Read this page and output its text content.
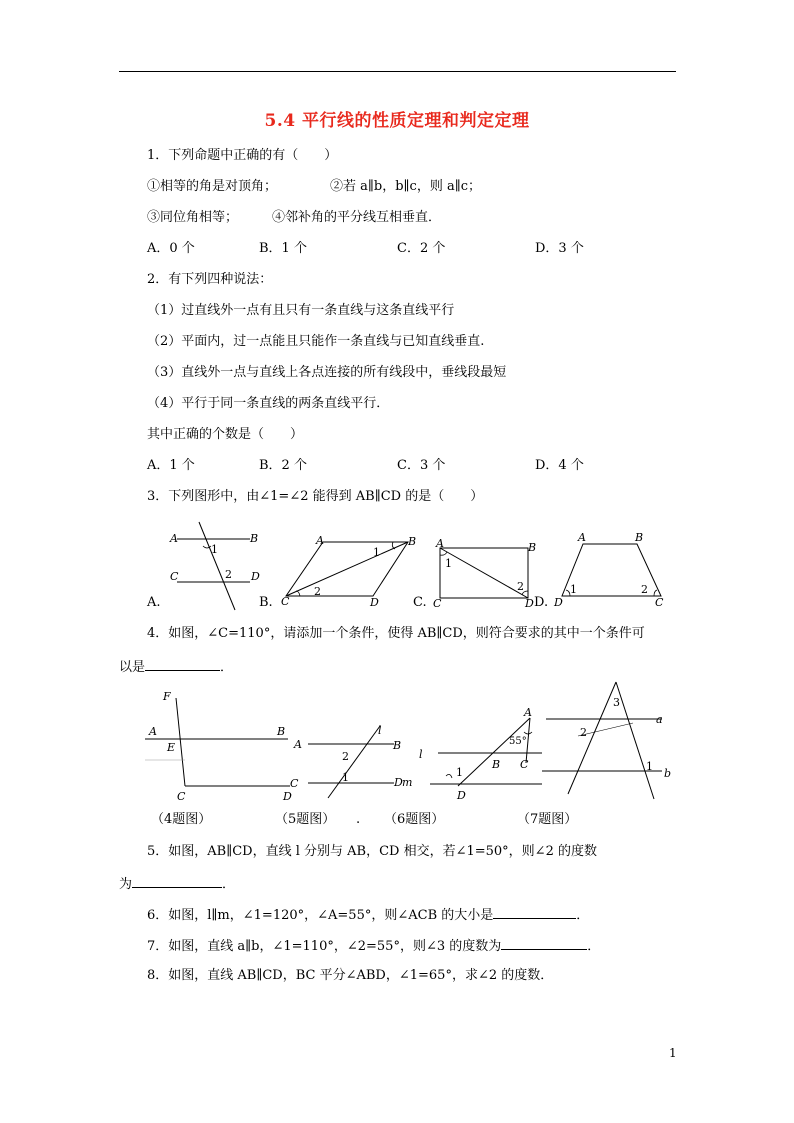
5.4 平行线的性质定理和判定定理
1．下列命题中正确的有（　　）
①相等的角是对顶角；	②若 a∥b，b∥c，则 a∥c；
③同位角相等；	④邻补角的平分线互相垂直．
A．0 个	B．1 个	C．2 个	D．3 个
2．有下列四种说法：
（1）过直线外一点有且只有一条直线与这条直线平行
（2）平面内，过一点能且只能作一条直线与已知直线垂直.
（3）直线外一点与直线上各点连接的所有线段中，垂线段最短
（4）平行于同一条直线的两条直线平行．
其中正确的个数是（　　）
A．1 个	B．2 个	C．3 个	D．4 个
3．下列图形中，由∠1=∠2 能得到 AB∥CD 的是（　　）
A.	B.	C.	D.
A	B
C	D
1
2
A	B
C	D
1
2
A	B
C	D
1
2
A	B
C
D
1	2
4．如图，∠C=110°，请添加一个条件，使得 AB∥CD，则符合要求的其中一个条件可
以是	．
F
A
E
B
C	D
l
A	B
C	D m
2
1
A
l
B C
D
1
55°
3
2
1
a
b
（4题图）	（5题图） . （6题图）	（7题图）
5．如图，AB∥CD，直线 l 分别与 AB，CD 相交，若∠1=50°，则∠2 的度数
为	．
6．如图，l∥m，∠1=120°，∠A=55°，则∠ACB 的大小是	．
7．如图，直线 a∥b，∠1=110°，∠2=55°，则∠3 的度数为	．
8．如图，直线 AB∥CD，BC 平分∠ABD，∠1=65°，求∠2 的度数．
1
